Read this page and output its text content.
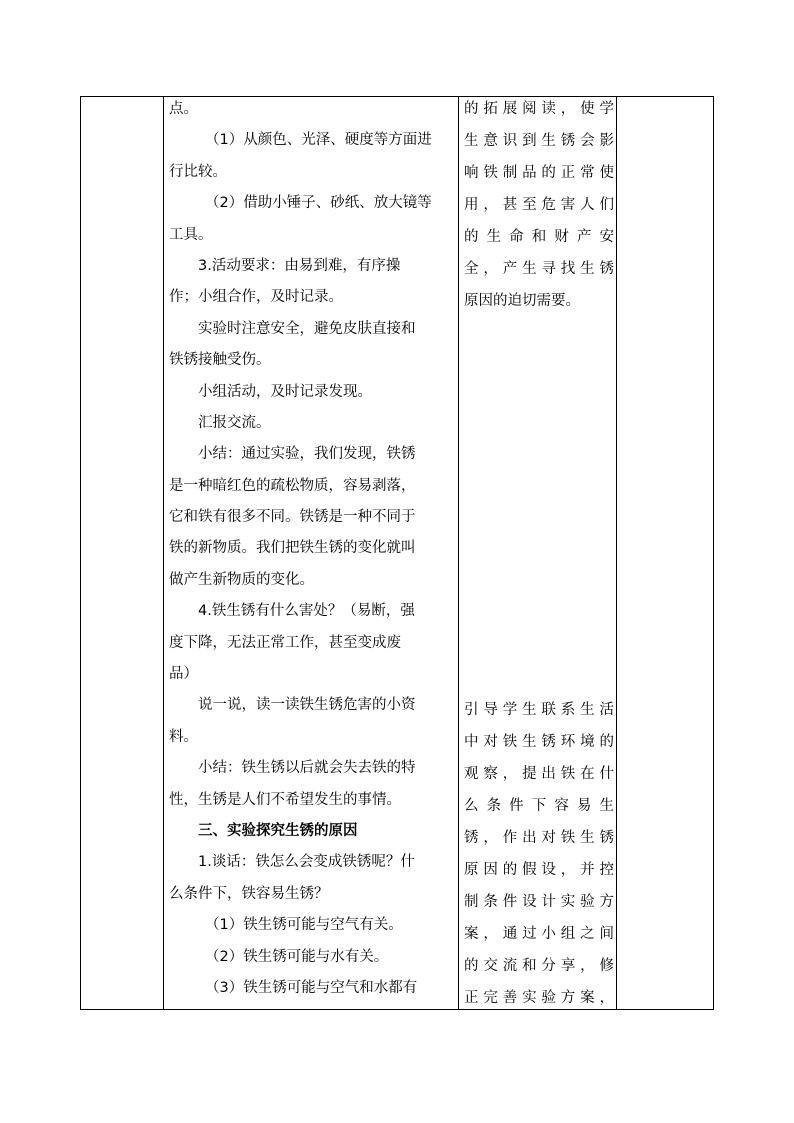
点。
（1）从颜色、光泽、硬度等方面进
行比较。
（2）借助小锤子、砂纸、放大镜等
工具。
3.活动要求：由易到难，有序操
作；小组合作，及时记录。
实验时注意安全，避免皮肤直接和
铁锈接触受伤。
小组活动，及时记录发现。
汇报交流。
小结：通过实验，我们发现，铁锈
是一种暗红色的疏松物质，容易剥落，
它和铁有很多不同。铁锈是一种不同于
铁的新物质。我们把铁生锈的变化就叫
做产生新物质的变化。
4.铁生锈有什么害处？（易断，强
度下降，无法正常工作，甚至变成废
品）
说一说，读一读铁生锈危害的小资
料。
小结：铁生锈以后就会失去铁的特
性，生锈是人们不希望发生的事情。
三、实验探究生锈的原因
1.谈话：铁怎么会变成铁锈呢？什
么条件下，铁容易生锈？
（1）铁生锈可能与空气有关。
（2）铁生锈可能与水有关。
（3）铁生锈可能与空气和水都有
的拓展阅读，使学
生意识到生锈会影
响铁制品的正常使
用，甚至危害人们
的生命和财产安
全，产生寻找生锈
原因的迫切需要。
引导学生联系生活
中对铁生锈环境的
观察，提出铁在什
么条件下容易生
锈，作出对铁生锈
原因的假设，并控
制条件设计实验方
案，通过小组之间
的交流和分享，修
正完善实验方案，
